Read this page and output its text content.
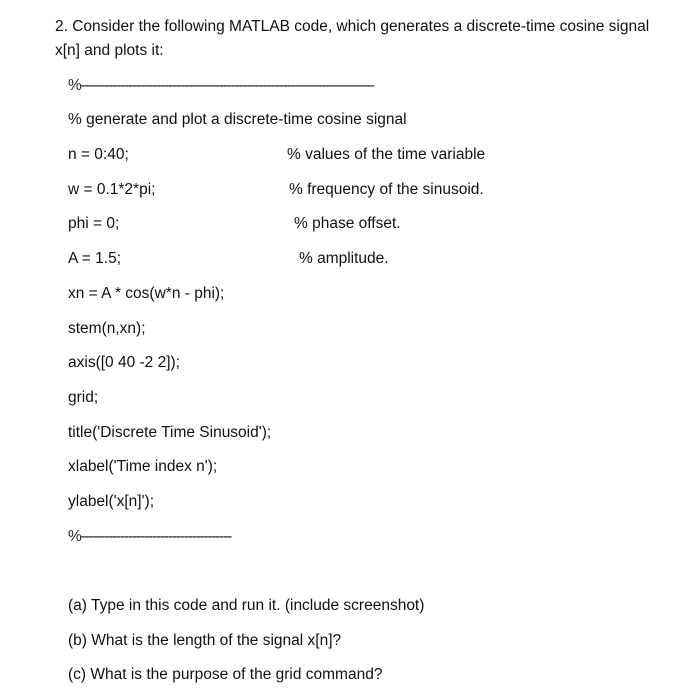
2. Consider the following MATLAB code, which generates a discrete-time cosine signal
x[n] and plots it:
%--------------------------------------------------------------------------
% generate and plot a discrete-time cosine signal
n = 0:40;	% values of the time variable
w = 0.1*2*pi;	% frequency of the sinusoid.
phi = 0;	% phase offset.
A = 1.5;	% amplitude.
xn = A * cos(w*n - phi);
stem(n,xn);
axis([0 40 -2 2]);
grid;
title('Discrete Time Sinusoid');
xlabel('Time index n');
ylabel('x[n]');
%--------------------------------------
(a) Type in this code and run it. (include screenshot)
(b) What is the length of the signal x[n]?
(c) What is the purpose of the grid command?
